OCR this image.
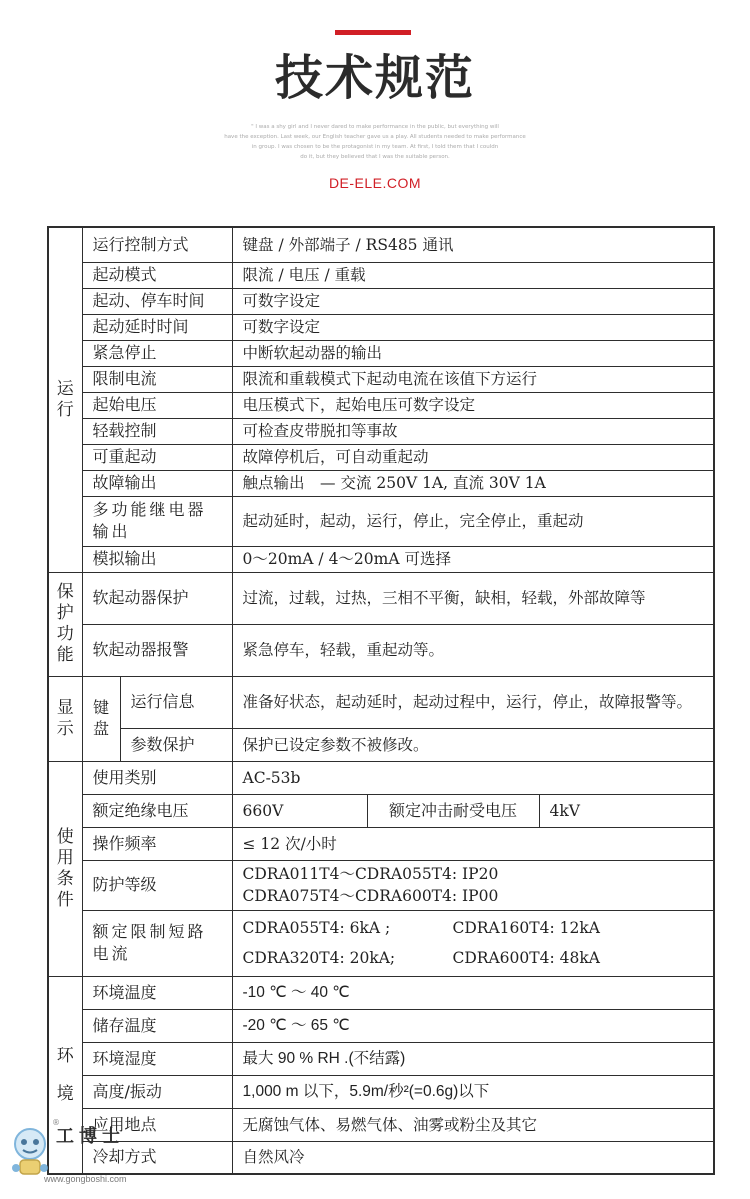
技术规范
" I was a shy girl and I never dared to make performance in the public, but everything will
have the exception. Last week, our English teacher gave us a play. All students needed to make performance
in group. I was chosen to be the protagonist in my team. At first, I told them that I couldn
do it, but they believed that I was the suitable person.
DE-ELE.COM
运行	运行控制方式		键盘 / 外部端子 / RS485 通讯		
	起动模式		限流 / 电压 / 重载		
	起动、停车时间		可数字设定		
	起动延时时间		可数字设定		
	紧急停止		中断软起动器的输出		
	限制电流		限流和重载模式下起动电流在该值下方运行		
	起始电压		电压模式下，起始电压可数字设定		
	轻载控制		可检查皮带脱扣等事故		
	可重起动		故障停机后，可自动重起动		
	故障输出		触点输出　— 交流 250V 1A, 直流 30V 1A		
	多功能继电器输出		起动延时，起动，运行，停止，完全停止，重起动		
	模拟输出		0～20mA / 4～20mA 可选择		
保护功能	软起动器保护		过流，过载，过热，三相不平衡，缺相，轻载，外部故障等		
	软起动器报警		紧急停车，轻载，重起动等。		
显示	键盘	运行信息	准备好状态，起动延时，起动过程中，运行，停止，故障报警等。		
		参数保护	保护已设定参数不被修改。		
使用条件	使用类别		AC-53b		
	额定绝缘电压		660V	额定冲击耐受电压	4kV
	操作频率		≤ 12 次/小时		
	防护等级		CDRA011T4～CDRA055T4: IP20
CDRA075T4～CDRA600T4: IP00		

	额定限制短路电流		CDRA055T4: 6kA ; CDRA160T4: 12kA
CDRA320T4: 20kA; CDRA600T4: 48kA		

环境	环境温度		-10 ℃ ～ 40 ℃		
	储存温度		-20 ℃ ～ 65 ℃		
	环境湿度		最大 90 % RH .(不结露)		
	高度/振动		1,000 m 以下，5.9m/秒²(=0.6g)以下		
	应用地点		无腐蚀气体、易燃气体、油雾或粉尘及其它		
	冷却方式		自然风冷		
®
工博士
www.gongboshi.com
